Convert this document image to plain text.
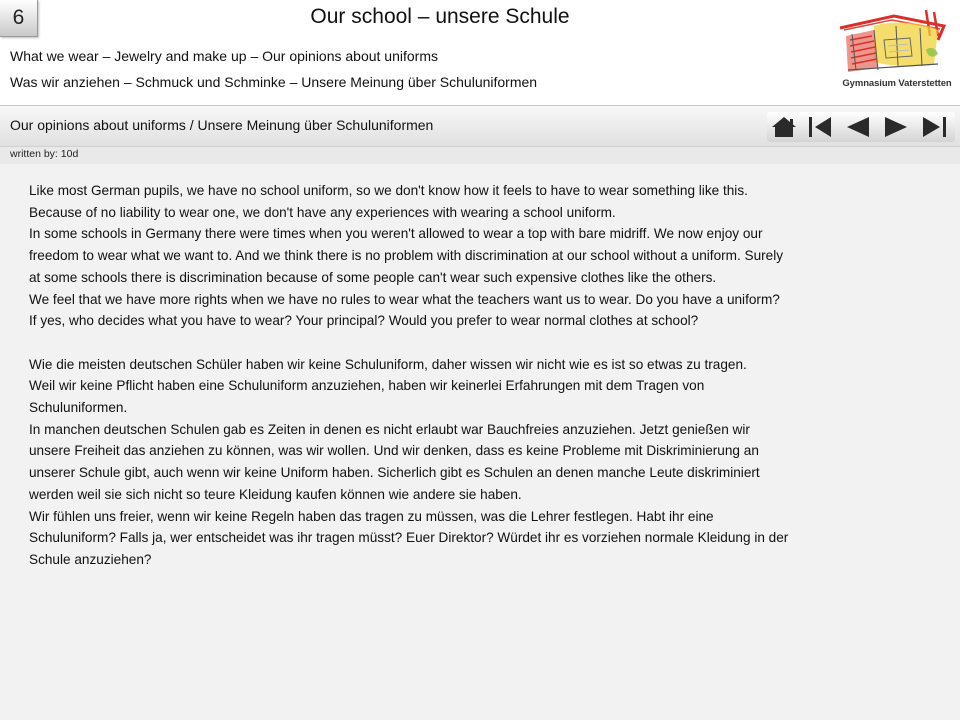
6	Our school – unsere Schule
What we wear – Jewelry and make up – Our opinions about uniforms
Was wir anziehen – Schmuck und Schminke – Unsere Meinung über Schuluniformen	Gymnasium Vaterstetten
Our opinions about uniforms / Unsere Meinung über Schuluniformen
written by: 10d

Like most German pupils, we have no school uniform, so we don't know how it feels to have to wear something like this.

Because of no liability to wear one, we don't have any experiences with wearing a school uniform.

In some schools in Germany there were times when you weren't allowed to wear a top with bare midriff. We now enjoy our

freedom to wear what we want to. And we think there is no problem with discrimination at our school without a uniform. Surely

at some schools there is discrimination because of some people can't wear such expensive clothes like the others.

We feel that we have more rights when we have no rules to wear what the teachers want us to wear. Do you have a uniform?

If yes, who decides what you have to wear? Your principal? Would you prefer to wear normal clothes at school?

Wie die meisten deutschen Schüler haben wir keine Schuluniform, daher wissen wir nicht wie es ist so etwas zu tragen.

Weil wir keine Pflicht haben eine Schuluniform anzuziehen, haben wir keinerlei Erfahrungen mit dem Tragen von

Schuluniformen.

In manchen deutschen Schulen gab es Zeiten in denen es nicht erlaubt war Bauchfreies anzuziehen. Jetzt genießen wir

unsere Freiheit das anziehen zu können, was wir wollen. Und wir denken, dass es keine Probleme mit Diskriminierung an

unserer Schule gibt, auch wenn wir keine Uniform haben. Sicherlich gibt es Schulen an denen manche Leute diskriminiert

werden weil sie sich nicht so teure Kleidung kaufen können wie andere sie haben.

Wir fühlen uns freier, wenn wir keine Regeln haben das tragen zu müssen, was die Lehrer festlegen. Habt ihr eine

Schuluniform? Falls ja, wer entscheidet was ihr tragen müsst? Euer Direktor? Würdet ihr es vorziehen normale Kleidung in der

Schule anzuziehen?
